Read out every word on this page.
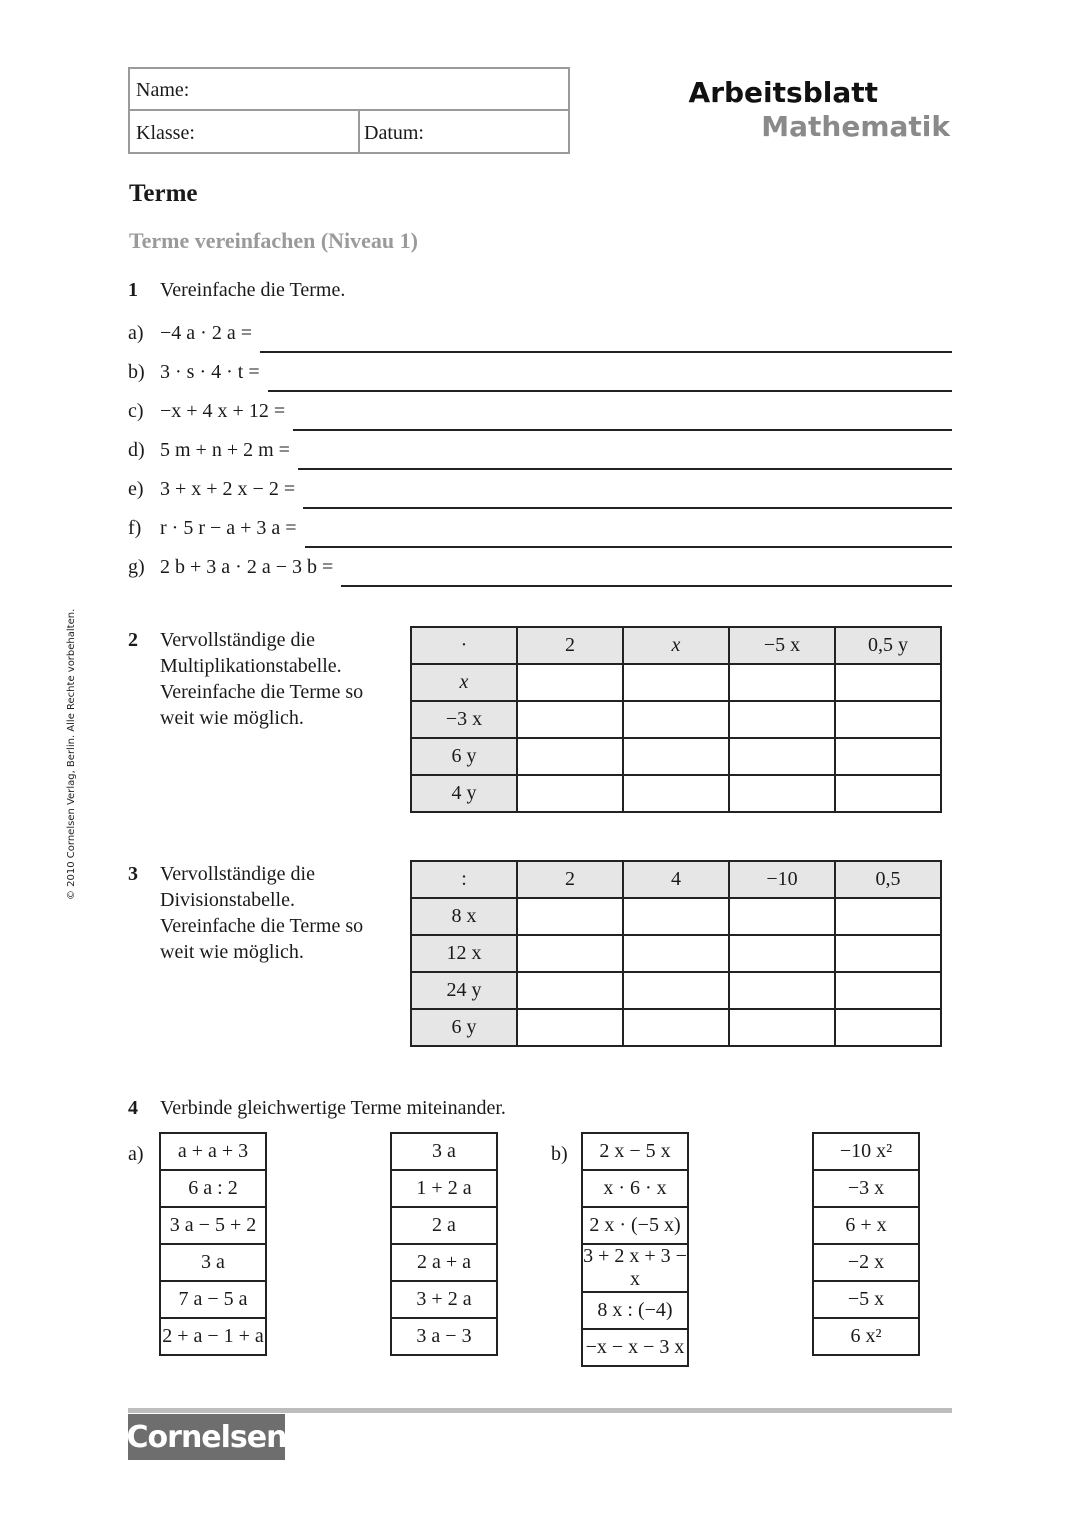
© 2010 Cornelsen Verlag, Berlin. Alle Rechte vorbehalten.
Name:
Klasse:	Datum:
Arbeitsblatt
Mathematik
Terme
Terme vereinfachen (Niveau 1)
1 Vereinfache die Terme.
a) −4 a · 2 a =
b) 3 · s · 4 · t =
c) −x + 4 x + 12 =
d) 5 m + n + 2 m =
e) 3 + x + 2 x − 2 =
f) r · 5 r − a + 3 a =
g) 2 b + 3 a · 2 a − 3 b =
2 Vervollständige die
Multiplikationstabelle.
Vereinfache die Terme so
weit wie möglich.
·	2	x	−5 x	0,5 y
x				
−3 x				
6 y				
4 y				
3 Vervollständige die
Divisionstabelle.
Vereinfache die Terme so
weit wie möglich.
:	2	4	−10	0,5
8 x				
12 x				
24 y				
6 y				
4 Verbinde gleichwertige Terme miteinander.
a)	b)
a + a + 3
6 a : 2
3 a − 5 + 2
3 a
7 a − 5 a
2 + a − 1 + a
3 a
1 + 2 a
2 a
2 a + a
3 + 2 a
3 a − 3
2 x − 5 x
x · 6 · x
2 x · (−5 x)
3 + 2 x + 3 − x
8 x : (−4)
−x − x − 3 x
−10 x²
−3 x
6 + x
−2 x
−5 x
6 x²
Cornelsen
